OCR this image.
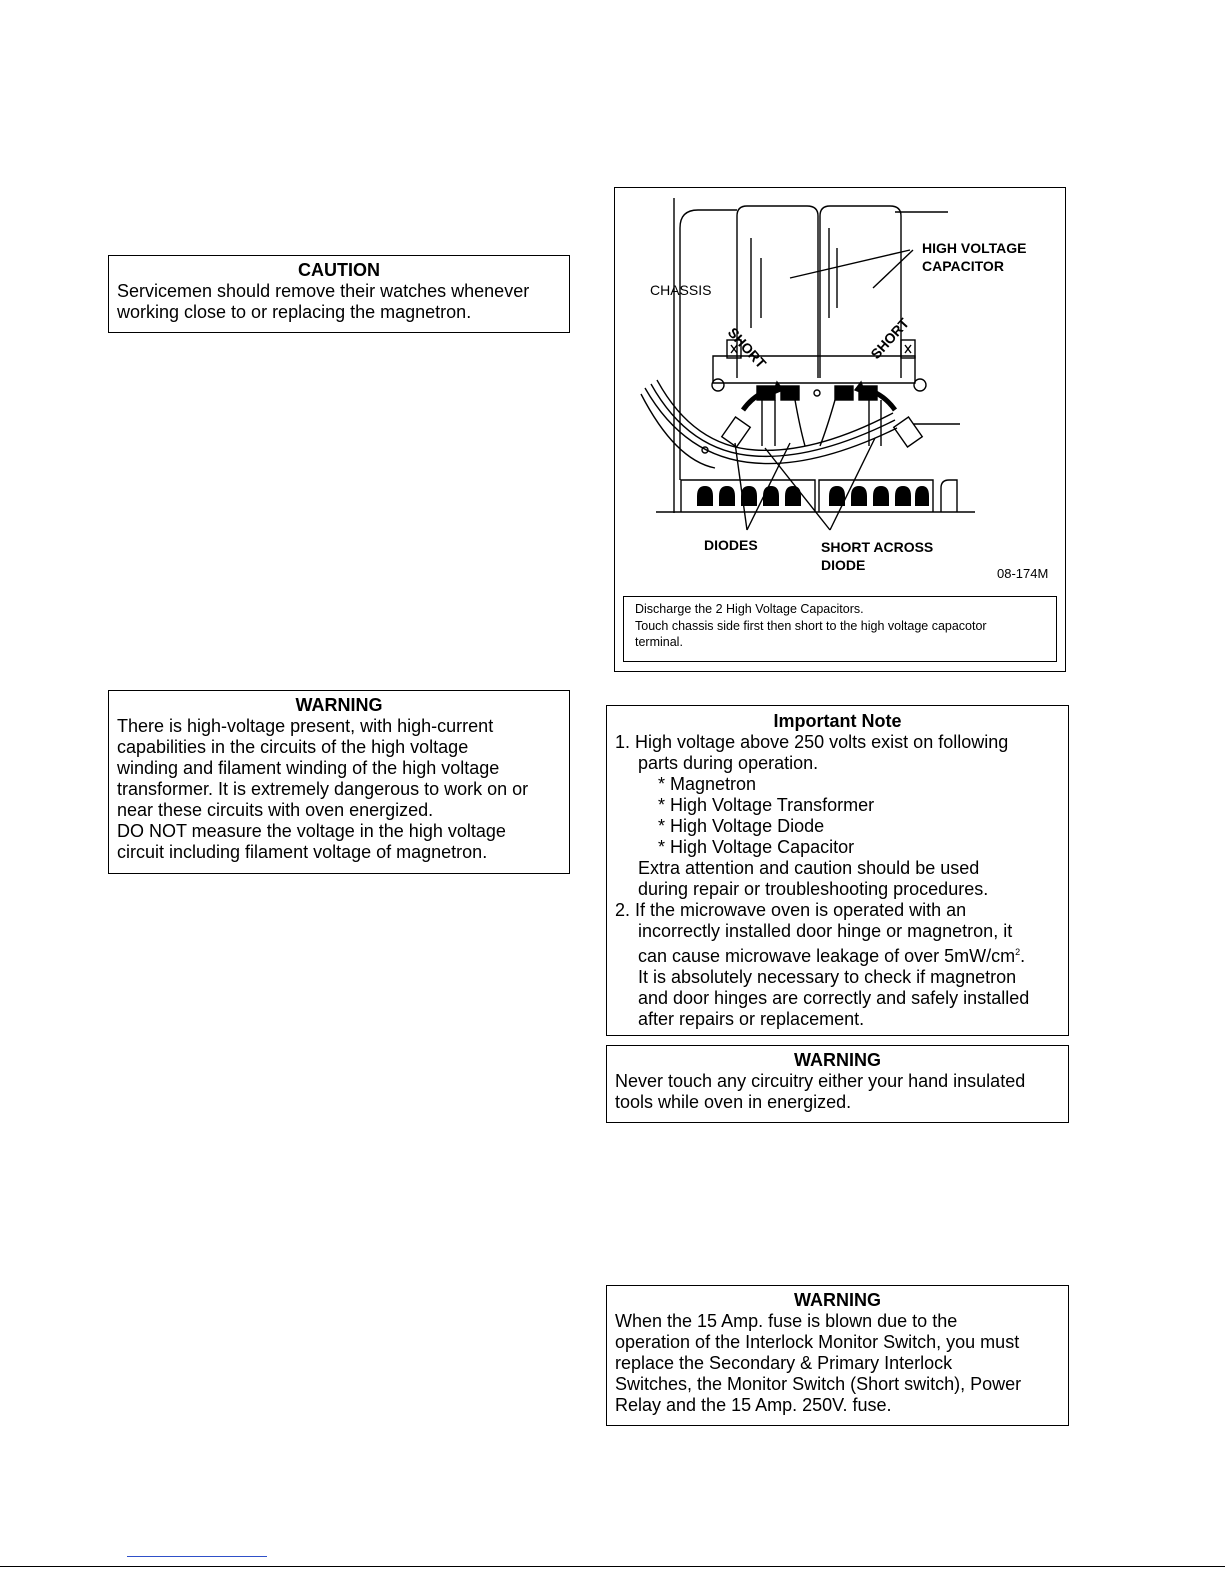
CAUTION
Servicemen should remove their watches whenever
working close to or replacing the magnetron.
WARNING
There is high-voltage present, with high-current
capabilities in the circuits of the high voltage
winding and filament winding of the high voltage
transformer. It is extremely dangerous to work on or
near these circuits with oven energized.
DO NOT measure the voltage in the high voltage
circuit including filament voltage of magnetron.
SHORT	SHORT
CHASSIS
HIGH VOLTAGE
CAPACITOR
DIODES	SHORT ACROSS
DIODE
08-174M
Discharge the 2 High Voltage Capacitors.
Touch chassis side first then short to the high voltage capacotor
terminal.
Important Note
1. High voltage above 250 volts exist on following
parts during operation.
* Magnetron
* High Voltage Transformer
* High Voltage Diode
* High Voltage Capacitor
Extra attention and caution should be used
during repair or troubleshooting procedures.
2. If the microwave oven is operated with an
incorrectly installed door hinge or magnetron, it
can cause microwave leakage of over $5mW/cm^2$.
It is absolutely necessary to check if magnetron
and door hinges are correctly and safely installed
after repairs or replacement.
WARNING
Never touch any circuitry either your hand insulated
tools while oven in energized.
WARNING
When the 15 Amp. fuse is blown due to the
operation of the Interlock Monitor Switch, you must
replace the Secondary & Primary Interlock
Switches, the Monitor Switch (Short switch), Power
Relay and the 15 Amp. 250V. fuse.
